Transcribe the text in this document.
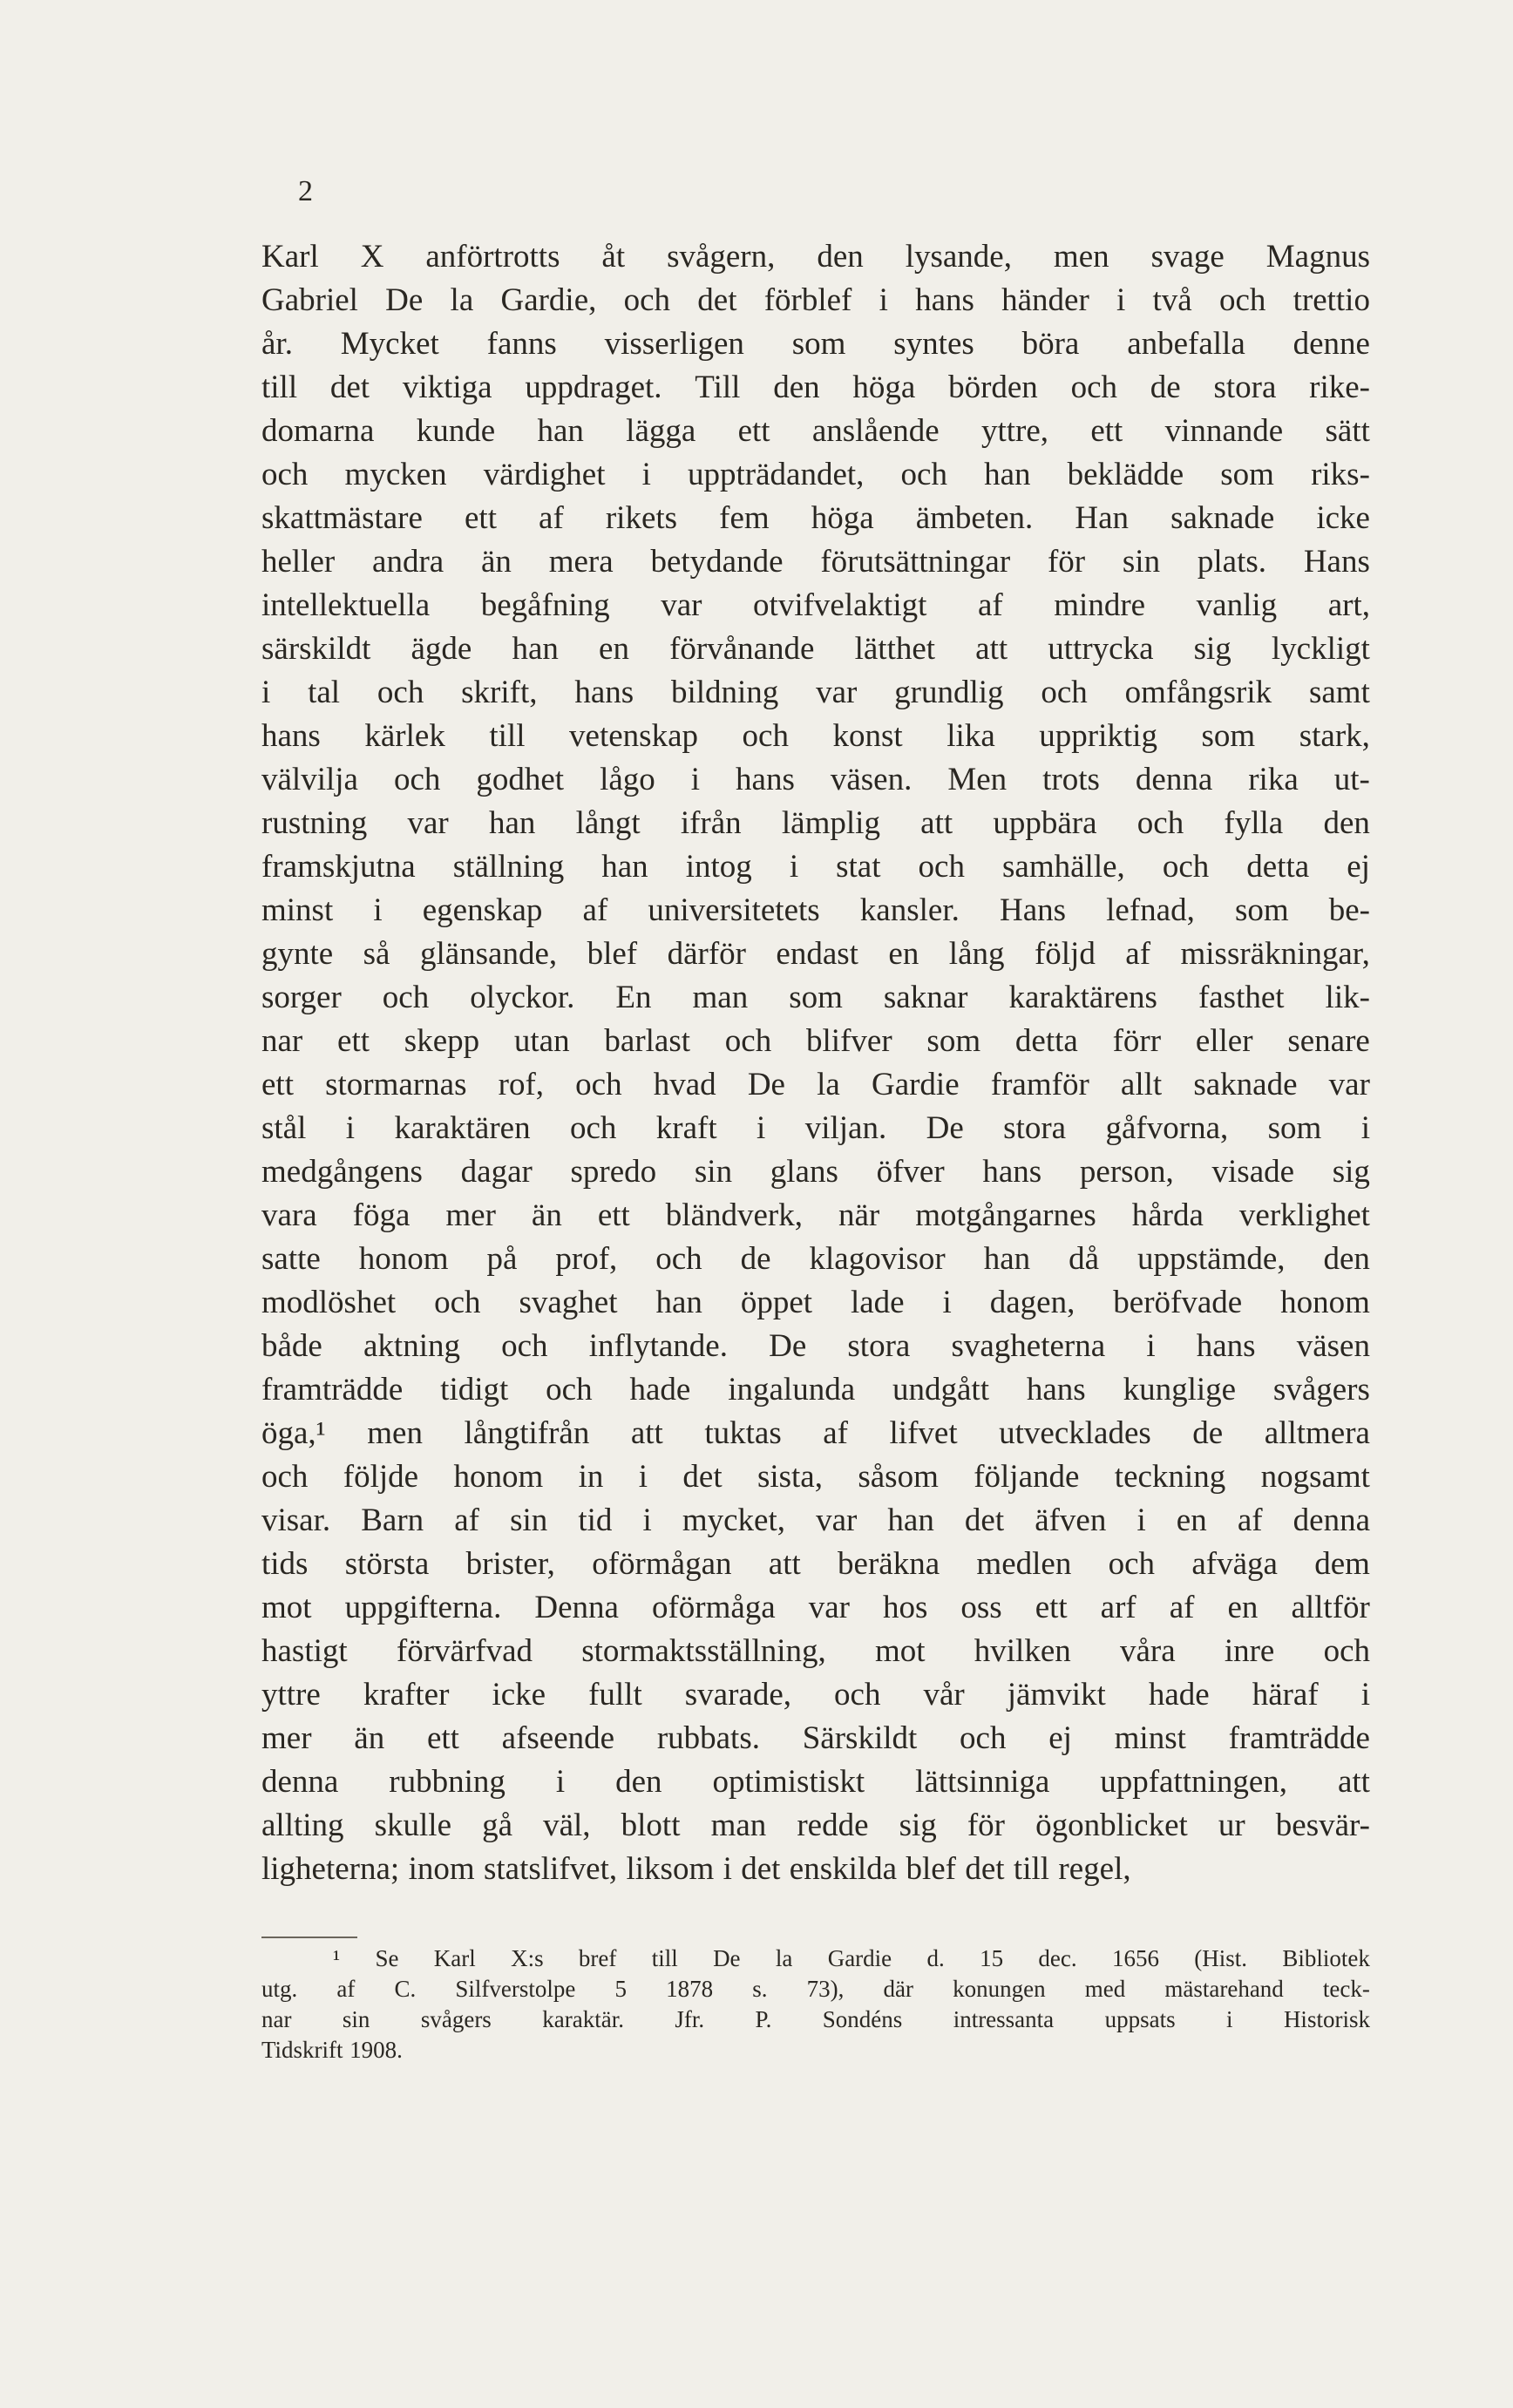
2
Karl X anförtrotts åt svågern, den lysande, men svage Magnus
Gabriel De la Gardie, och det förblef i hans händer i två och trettio
år. Mycket fanns visserligen som syntes böra anbefalla denne
till det viktiga uppdraget. Till den höga börden och de stora rike-
domarna kunde han lägga ett anslående yttre, ett vinnande sätt
och mycken värdighet i uppträdandet, och han beklädde som riks-
skattmästare ett af rikets fem höga ämbeten. Han saknade icke
heller andra än mera betydande förutsättningar för sin plats. Hans
intellektuella begåfning var otvifvelaktigt af mindre vanlig art,
särskildt ägde han en förvånande lätthet att uttrycka sig lyckligt
i tal och skrift, hans bildning var grundlig och omfångsrik samt
hans kärlek till vetenskap och konst lika uppriktig som stark,
välvilja och godhet lågo i hans väsen. Men trots denna rika ut-
rustning var han långt ifrån lämplig att uppbära och fylla den
framskjutna ställning han intog i stat och samhälle, och detta ej
minst i egenskap af universitetets kansler. Hans lefnad, som be-
gynte så glänsande, blef därför endast en lång följd af missräkningar,
sorger och olyckor. En man som saknar karaktärens fasthet lik-
nar ett skepp utan barlast och blifver som detta förr eller senare
ett stormarnas rof, och hvad De la Gardie framför allt saknade var
stål i karaktären och kraft i viljan. De stora gåfvorna, som i
medgångens dagar spredo sin glans öfver hans person, visade sig
vara föga mer än ett bländverk, när motgångarnes hårda verklighet
satte honom på prof, och de klagovisor han då uppstämde, den
modlöshet och svaghet han öppet lade i dagen, beröfvade honom
både aktning och inflytande. De stora svagheterna i hans väsen
framträdde tidigt och hade ingalunda undgått hans kunglige svågers
öga,¹ men långtifrån att tuktas af lifvet utvecklades de alltmera
och följde honom in i det sista, såsom följande teckning nogsamt
visar. Barn af sin tid i mycket, var han det äfven i en af denna
tids största brister, oförmågan att beräkna medlen och afväga dem
mot uppgifterna. Denna oförmåga var hos oss ett arf af en alltför
hastigt förvärfvad stormaktsställning, mot hvilken våra inre och
yttre krafter icke fullt svarade, och vår jämvikt hade häraf i
mer än ett afseende rubbats. Särskildt och ej minst framträdde
denna rubbning i den optimistiskt lättsinniga uppfattningen, att
allting skulle gå väl, blott man redde sig för ögonblicket ur besvär-
ligheterna; inom statslifvet, liksom i det enskilda blef det till regel,
¹ Se Karl X:s bref till De la Gardie d. 15 dec. 1656 (Hist. Bibliotek
utg. af C. Silfverstolpe 5 1878 s. 73), där konungen med mästarehand teck-
nar sin svågers karaktär. Jfr. P. Sondéns intressanta uppsats i Historisk
Tidskrift 1908.
